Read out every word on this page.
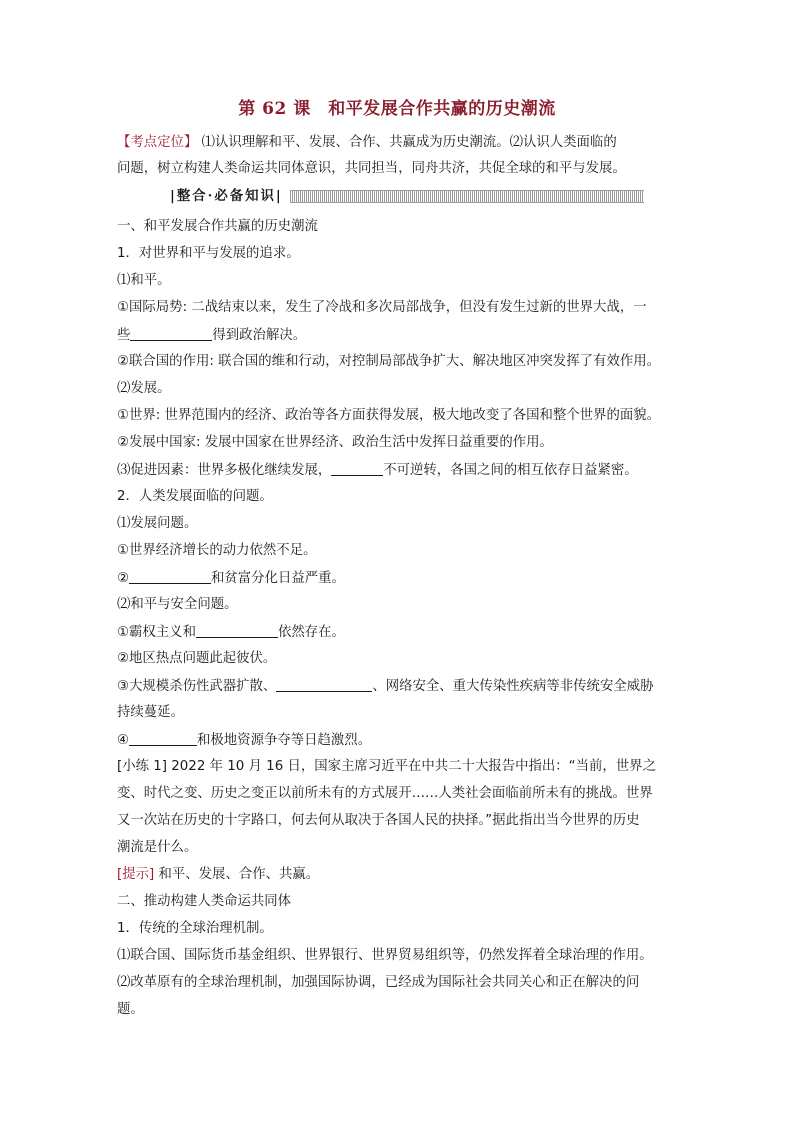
第 62 课　和平发展合作共赢的历史潮流
【考点定位】 ⑴认识理解和平、发展、合作、共赢成为历史潮流。⑵认识人类面临的
问题，树立构建人类命运共同体意识，共同担当，同舟共济，共促全球的和平与发展。
|整合·必备知识|
一、和平发展合作共赢的历史潮流
1．对世界和平与发展的追求。
⑴和平。
①国际局势: 二战结束以来，发生了冷战和多次局部战争，但没有发生过新的世界大战，一
些	得到政治解决。
②联合国的作用: 联合国的维和行动，对控制局部战争扩大、解决地区冲突发挥了有效作用。
⑵发展。
①世界: 世界范围内的经济、政治等各方面获得发展，极大地改变了各国和整个世界的面貌。
②发展中国家: 发展中国家在世界经济、政治生活中发挥日益重要的作用。
⑶促进因素：世界多极化继续发展，	不可逆转，各国之间的相互依存日益紧密。
2．人类发展面临的问题。
⑴发展问题。
①世界经济增长的动力依然不足。
②	和贫富分化日益严重。
⑵和平与安全问题。
①霸权主义和	依然存在。
②地区热点问题此起彼伏。
③大规模杀伤性武器扩散、	、网络安全、重大传染性疾病等非传统安全威胁
持续蔓延。
④	和极地资源争夺等日趋激烈。
[小练 1] 2022 年 10 月 16 日，国家主席习近平在中共二十大报告中指出：“当前，世界之
变、时代之变、历史之变正以前所未有的方式展开……人类社会面临前所未有的挑战。世界
又一次站在历史的十字路口，何去何从取决于各国人民的抉择。”据此指出当今世界的历史
潮流是什么。
[提示] 和平、发展、合作、共赢。
二、推动构建人类命运共同体
1．传统的全球治理机制。
⑴联合国、国际货币基金组织、世界银行、世界贸易组织等，仍然发挥着全球治理的作用。
⑵改革原有的全球治理机制，加强国际协调，已经成为国际社会共同关心和正在解决的问
题。
